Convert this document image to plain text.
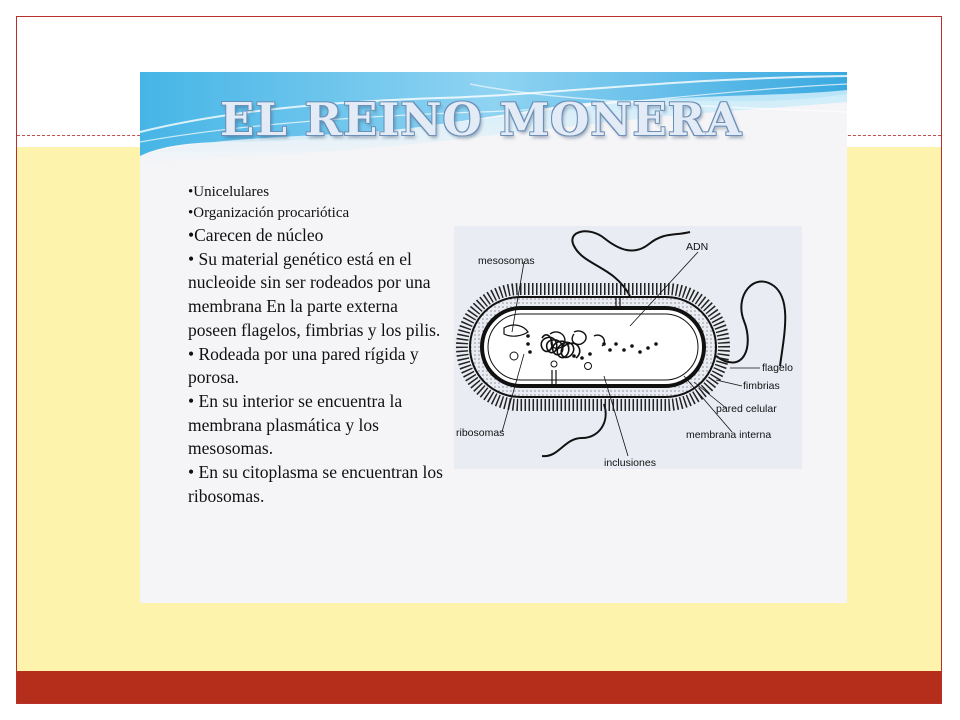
EL REINO MONERA
•Unicelulares
•Organización procariótica
•Carecen de núcleo
• Su material genético está en el nucleoide sin ser rodeados por una membrana En la parte externa poseen flagelos, fimbrias y los pilis.
• Rodeada por una pared rígida y porosa.
• En su interior se encuentra la membrana plasmática y los mesosomas.
• En su citoplasma se encuentran los ribosomas.
mesosomas
ADN
flagelo
fimbrias
pared celular
membrana interna
inclusiones
ribosomas
